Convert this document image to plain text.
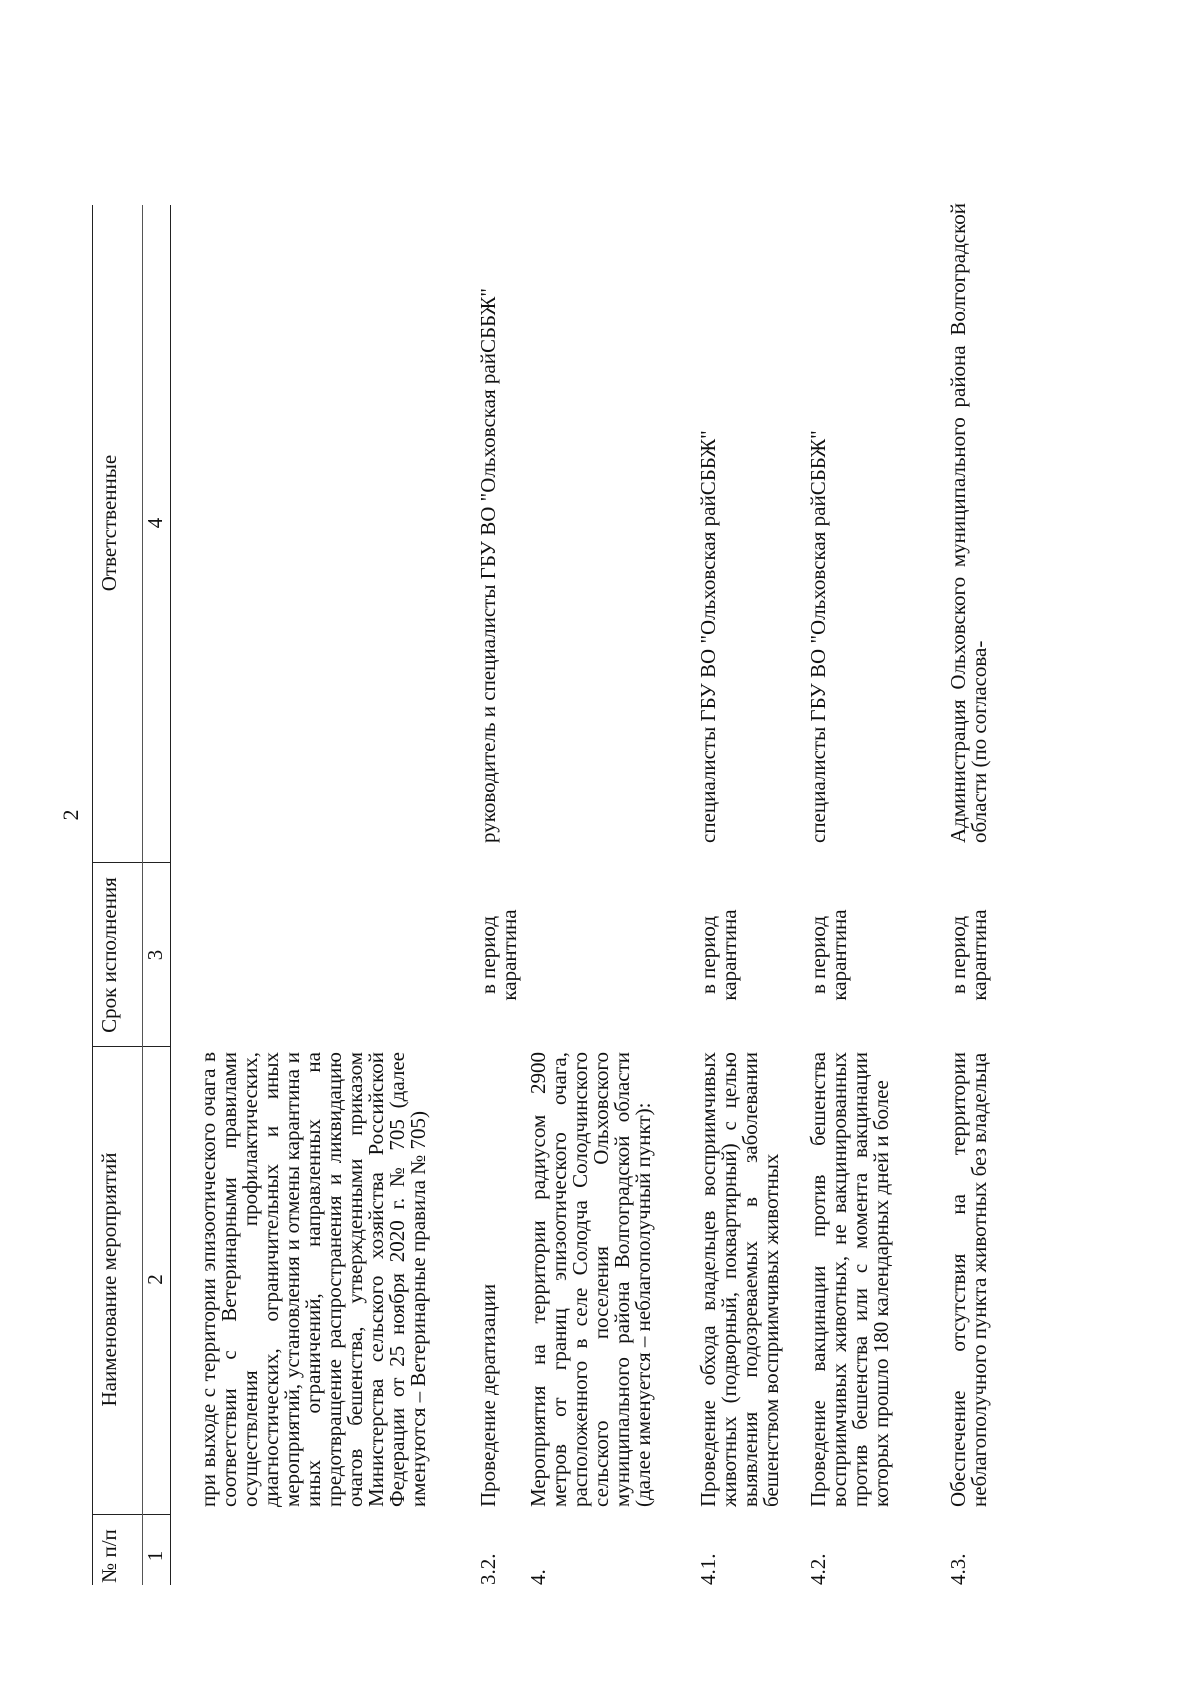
2
№ п/п 1
Наименование мероприятий 2
Срок исполнения 3
Ответственные 4
при выходе с территории эпизоотического очага в соответствии с Ветеринарными правилами осуществления профилактических, диагностических, ограничительных и иных мероприятий, установления и отмены карантина и иных ограничений, направленных на предотвращение распространения и ликвидацию очагов бешенства, утвержденными приказом Министерства сельского хозяйства Российской Федерации от 25 ноября 2020 г. № 705 (далее именуются – Ветеринарные правила № 705)
3.2.
Проведение дератизации
в период карантина
руководитель и специалисты ГБУ ВО "Ольховская райСББЖ"
4.
Мероприятия на территории радиусом 2900 метров от границ эпизоотического очага, расположенного в селе Солодча Солодчинского сельского поселения Ольховского муниципального района Волгоградской области (далее именуется – неблагополучный пункт):
4.1.
Проведение обхода владельцев восприимчивых животных (подворный, поквартирный) с целью выявления подозреваемых в заболевании бешенством восприимчивых животных
в период карантина
специалисты ГБУ ВО "Ольховская райСББЖ"
4.2.
Проведение вакцинации против бешенства восприимчивых животных, не вакцинированных против бешенства или с момента вакцинации которых прошло 180 календарных дней и более
в период карантина
специалисты ГБУ ВО "Ольховская райСББЖ"
4.3.
Обеспечение отсутствия на территории неблагополучного пункта животных без владельца
в период карантина
Администрация Ольховского муниципального района Волгоградской области (по согласова-
